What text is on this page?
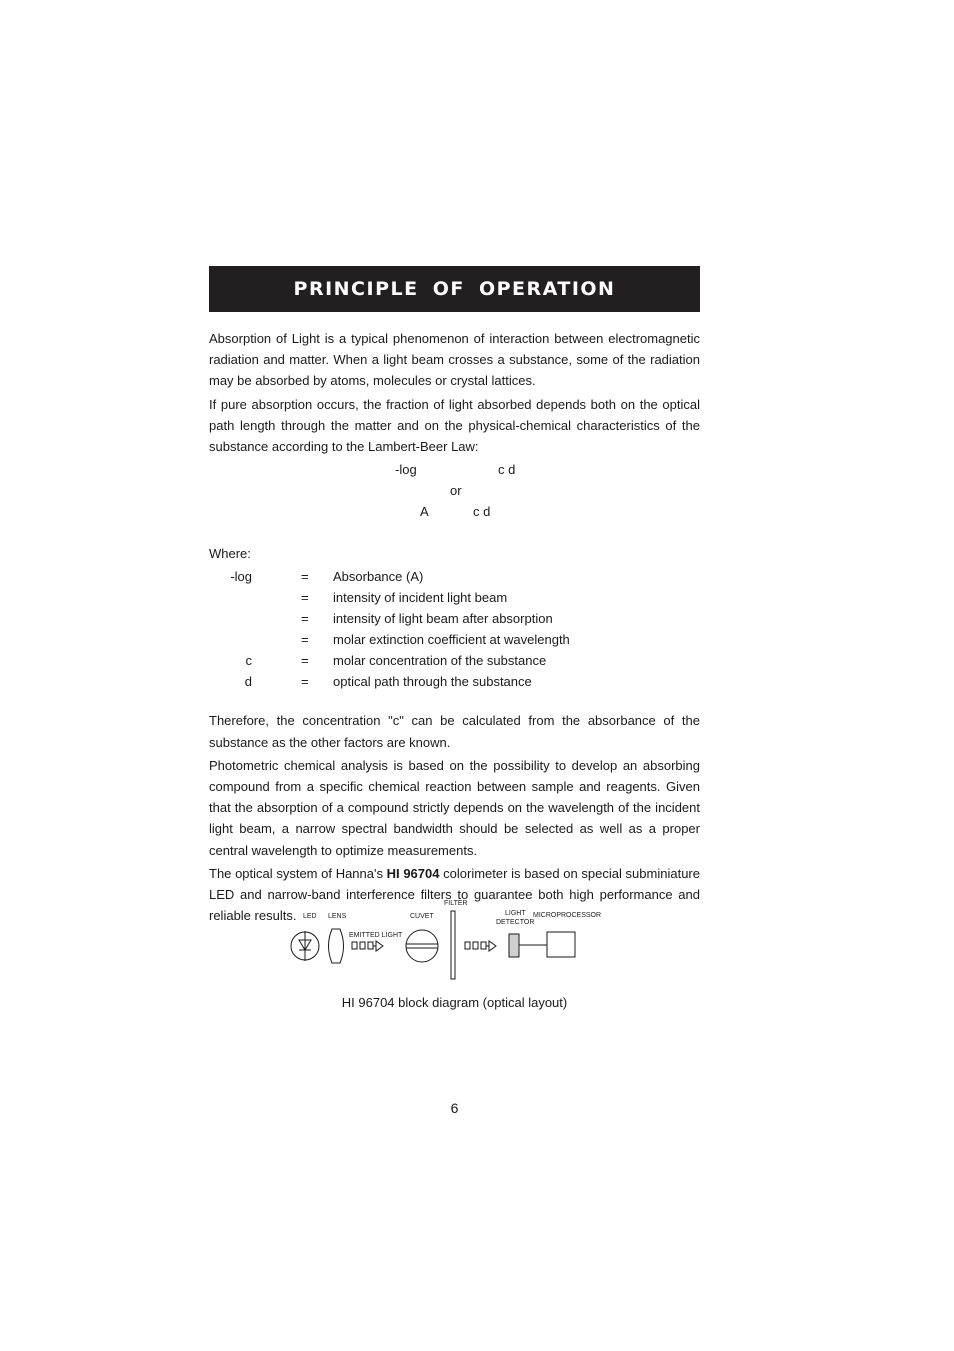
PRINCIPLE OF OPERATION

Absorption of Light is a typical phenomenon of interaction between electromagnetic radiation and matter. When a light beam crosses a substance, some of the radiation may be absorbed by atoms, molecules or crystal lattices.

If pure absorption occurs, the fraction of light absorbed depends both on the optical path length through the matter and on the physical-chemical characteristics of the substance according to the Lambert-Beer Law:

-log	c d
or
A	c d

Where:

-log	= Absorbance (A)
= intensity of incident light beam
= intensity of light beam after absorption
= molar extinction coefficient at wavelength
c	= molar concentration of the substance
d	= optical path through the substance

Therefore, the concentration "c" can be calculated from the absorbance of the substance as the other factors are known.

Photometric chemical analysis is based on the possibility to develop an absorbing compound from a specific chemical reaction between sample and reagents. Given that the absorption of a compound strictly depends on the wavelength of the incident light beam, a narrow spectral bandwidth should be selected as well as a proper central wavelength to optimize measurements.

The optical system of Hanna's HI 96704 colorimeter is based on special subminiature LED and narrow-band interference filters to guarantee both high performance and reliable results. LED LENS	CUVET
FILTER
LIGHT
DETECTOR
MICROPROCESSOR
EMITTED LIGHT
HI 96704 block diagram (optical layout)
6
